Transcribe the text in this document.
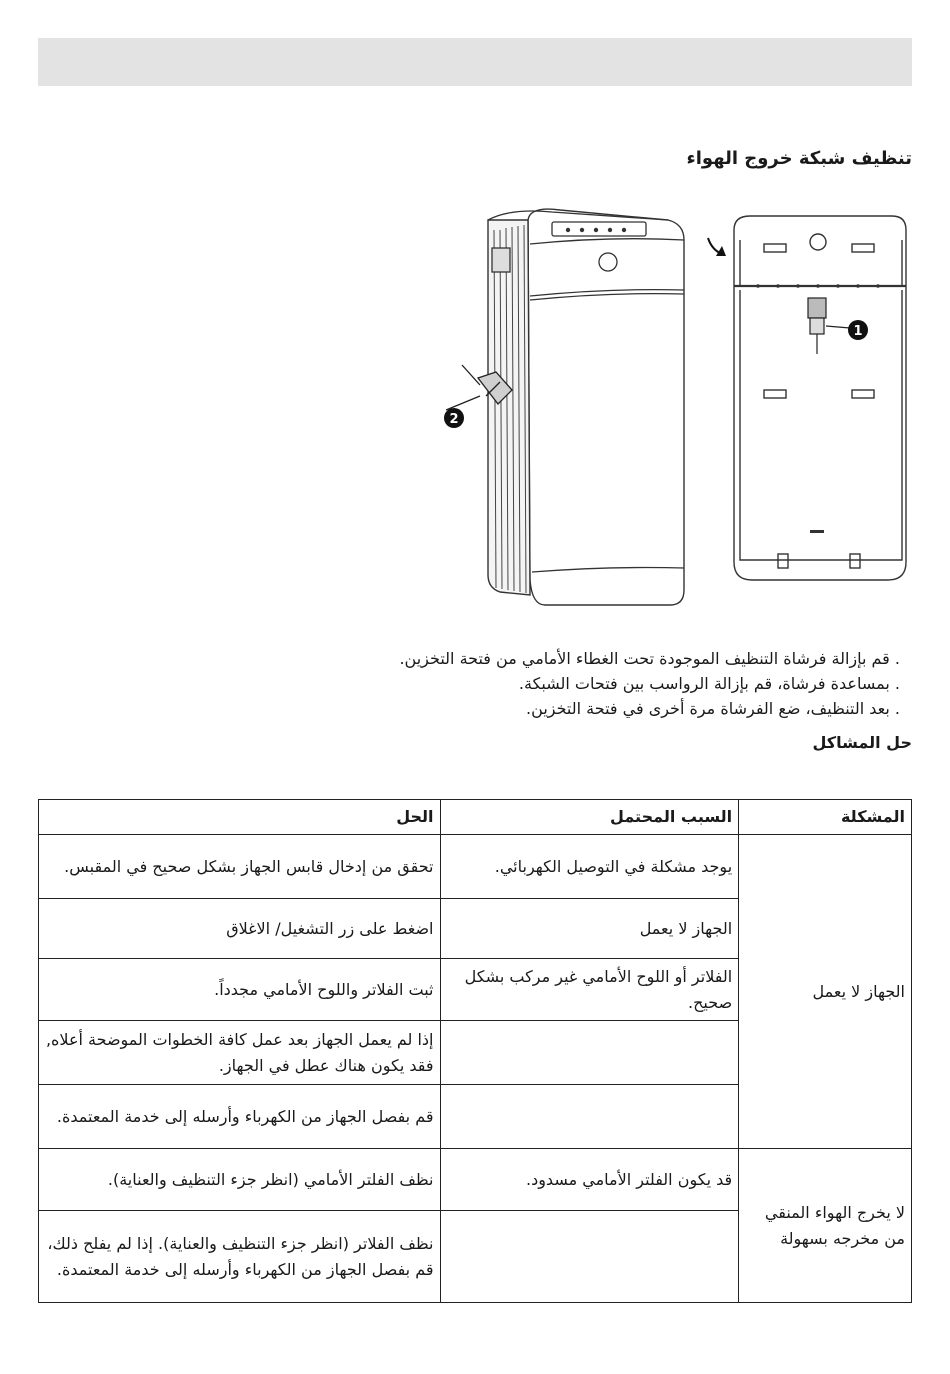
تنظيف شبكة خروج الهواء
2
1
. قم بإزالة فرشاة التنظيف الموجودة تحت الغطاء الأمامي من فتحة التخزين.
. بمساعدة فرشاة، قم بإزالة الرواسب بين فتحات الشبكة.
. بعد التنظيف، ضع الفرشاة مرة أخرى في فتحة التخزين.
حل المشاكل
المشكلة	السبب المحتمل	الحل
الجهاز لا يعمل	يوجد مشكلة في التوصيل الكهربائي.	تحقق من إدخال قابس الجهاز بشكل صحيح في المقبس.
	الجهاز لا يعمل	اضغط على زر التشغيل/ الاغلاق
	الفلاتر أو اللوح الأمامي غير مركب بشكل صحيح.	ثبت الفلاتر واللوح الأمامي مجدداً.
		إذا لم يعمل الجهاز بعد عمل كافة الخطوات الموضحة أعلاه, فقد يكون هناك عطل في الجهاز.
		قم بفصل الجهاز من الكهرباء وأرسله إلى خدمة المعتمدة.
لا يخرج الهواء المنقي من مخرجه بسهولة	قد يكون الفلتر الأمامي مسدود.	نظف الفلتر الأمامي (انظر جزء التنظيف والعناية).
		نظف الفلاتر (انظر جزء التنظيف والعناية). إذا لم يفلح ذلك، قم بفصل الجهاز من الكهرباء وأرسله إلى خدمة المعتمدة.
